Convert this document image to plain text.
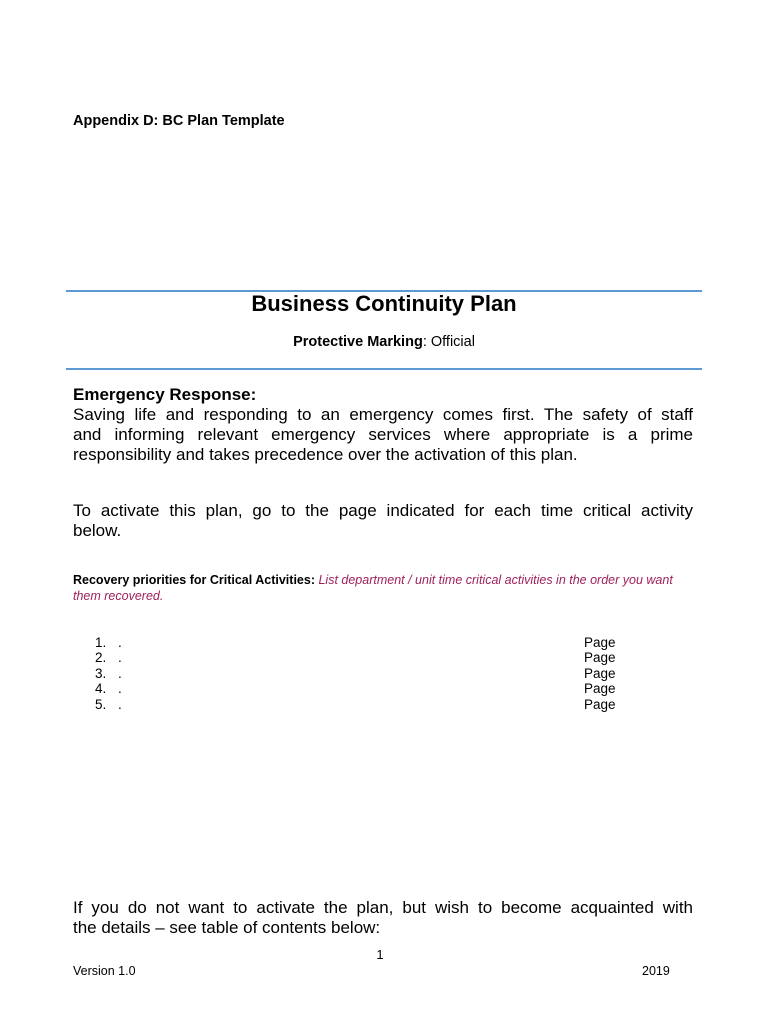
Appendix D: BC Plan Template
Business Continuity Plan
Protective Marking: Official
Emergency Response:
Saving life and responding to an emergency comes first. The safety of staff
and informing relevant emergency services where appropriate is a prime
responsibility and takes precedence over the activation of this plan.
To activate this plan, go to the page indicated for each time critical activity
below.
Recovery priorities for Critical Activities: List department / unit time critical activities in the order you want them recovered.
1. .	Page
2. .	Page
3. .	Page
4. .	Page
5. .	Page
If you do not want to activate the plan, but wish to become acquainted with
the details – see table of contents below:
1
Version 1.0	2019
